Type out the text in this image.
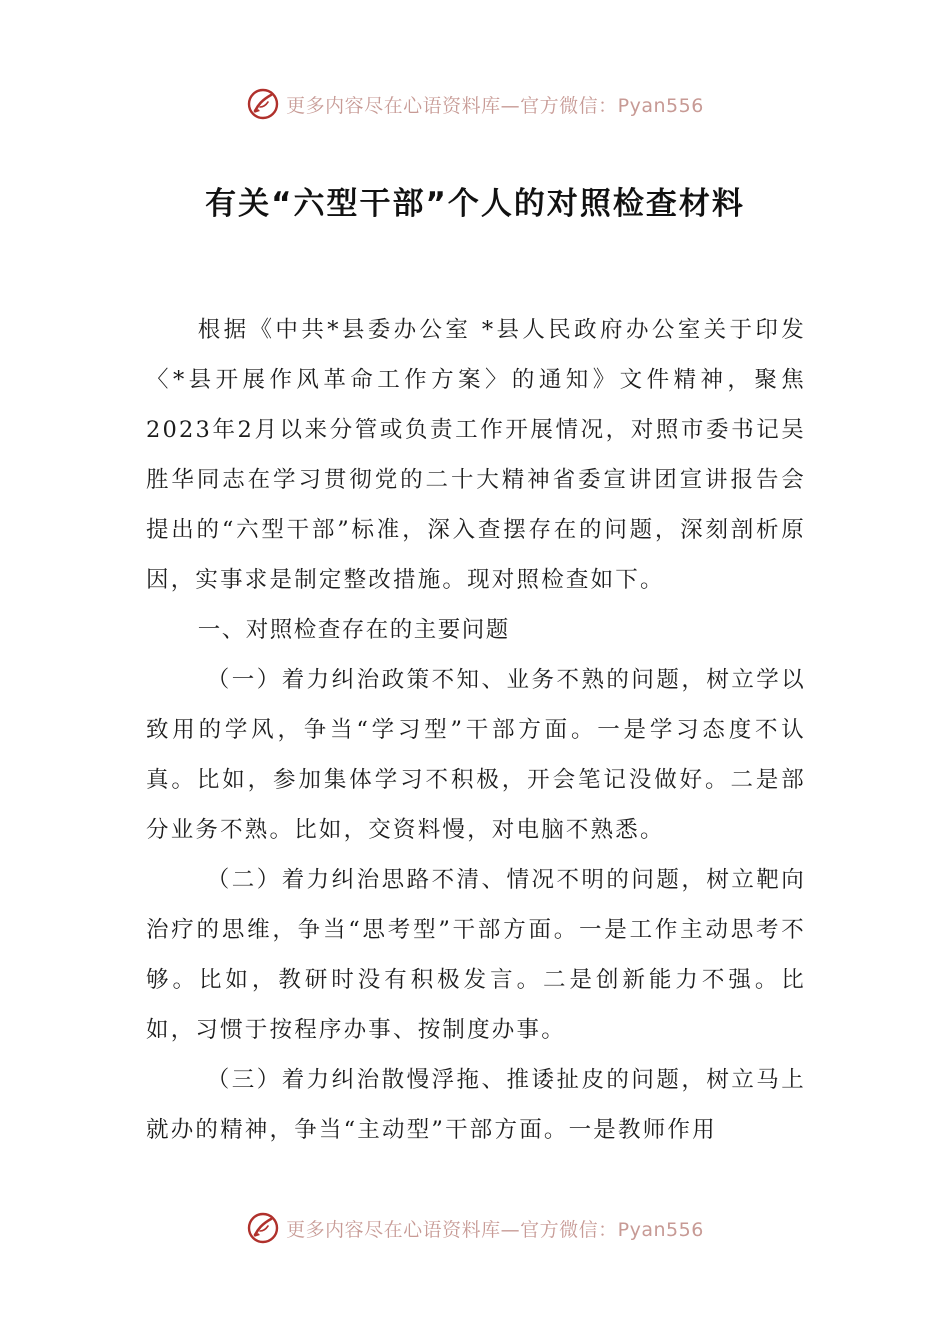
更多内容尽在心语资料库—官方微信：Pyan556
有关“六型干部”个人的对照检查材料

根据《中共*县委办公室 *县人民政府办公室关于印发〈*县开展作风革命工作方案〉的通知》文件精神，聚焦2023年2月以来分管或负责工作开展情况，对照市委书记吴胜华同志在学习贯彻党的二十大精神省委宣讲团宣讲报告会提出的“六型干部”标准，深入查摆存在的问题，深刻剖析原因，实事求是制定整改措施。现对照检查如下。

一、对照检查存在的主要问题

（一）着力纠治政策不知、业务不熟的问题，树立学以致用的学风，争当“学习型”干部方面。一是学习态度不认真。比如，参加集体学习不积极，开会笔记没做好。二是部分业务不熟。比如，交资料慢，对电脑不熟悉。

（二）着力纠治思路不清、情况不明的问题，树立靶向治疗的思维，争当“思考型”干部方面。一是工作主动思考不够。比如，教研时没有积极发言。二是创新能力不强。比如，习惯于按程序办事、按制度办事。

（三）着力纠治散慢浮拖、推诿扯皮的问题，树立马上就办的精神，争当“主动型”干部方面。一是教师作用

更多内容尽在心语资料库—官方微信：Pyan556
